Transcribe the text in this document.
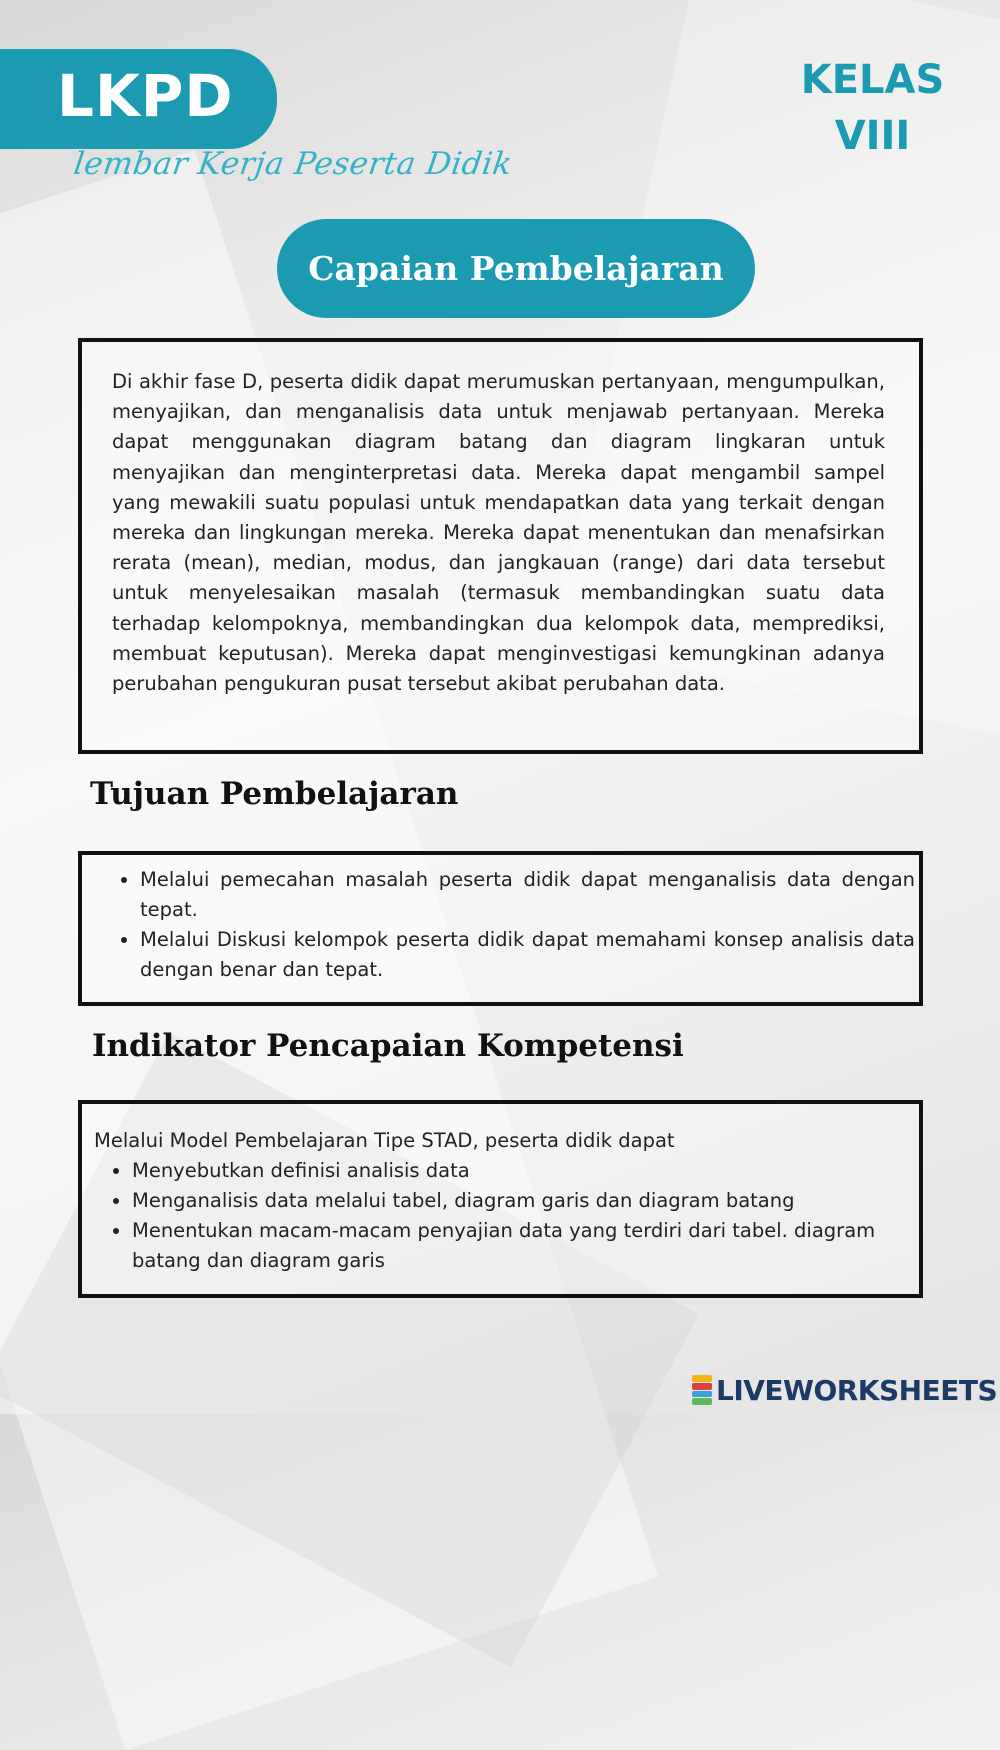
LKPD
lembar Kerja Peserta Didik
KELAS
VIII
Capaian Pembelajaran

Di akhir fase D, peserta didik dapat merumuskan pertanyaan, mengumpulkan, menyajikan, dan menganalisis data untuk menjawab pertanyaan. Mereka dapat menggunakan diagram batang dan diagram lingkaran untuk menyajikan dan menginterpretasi data. Mereka dapat mengambil sampel yang mewakili suatu populasi untuk mendapatkan data yang terkait dengan mereka dan lingkungan mereka. Mereka dapat menentukan dan menafsirkan rerata (mean), median, modus, dan jangkauan (range) dari data tersebut untuk menyelesaikan masalah (termasuk membandingkan suatu data terhadap kelompoknya, membandingkan dua kelompok data, memprediksi, membuat keputusan). Mereka dapat menginvestigasi kemungkinan adanya perubahan pengukuran pusat tersebut akibat perubahan data.

Tujuan Pembelajaran
• Melalui pemecahan masalah peserta didik dapat menganalisis data dengan tepat.
• Melalui Diskusi kelompok peserta didik dapat memahami konsep analisis data dengan benar dan tepat.
Indikator Pencapaian Kompetensi

Melalui Model Pembelajaran Tipe STAD, peserta didik dapat

• Menyebutkan definisi analisis data
• Menganalisis data melalui tabel, diagram garis dan diagram batang
• Menentukan macam-macam penyajian data yang terdiri dari tabel. diagram batang dan diagram garis
LIVEWORKSHEETS
